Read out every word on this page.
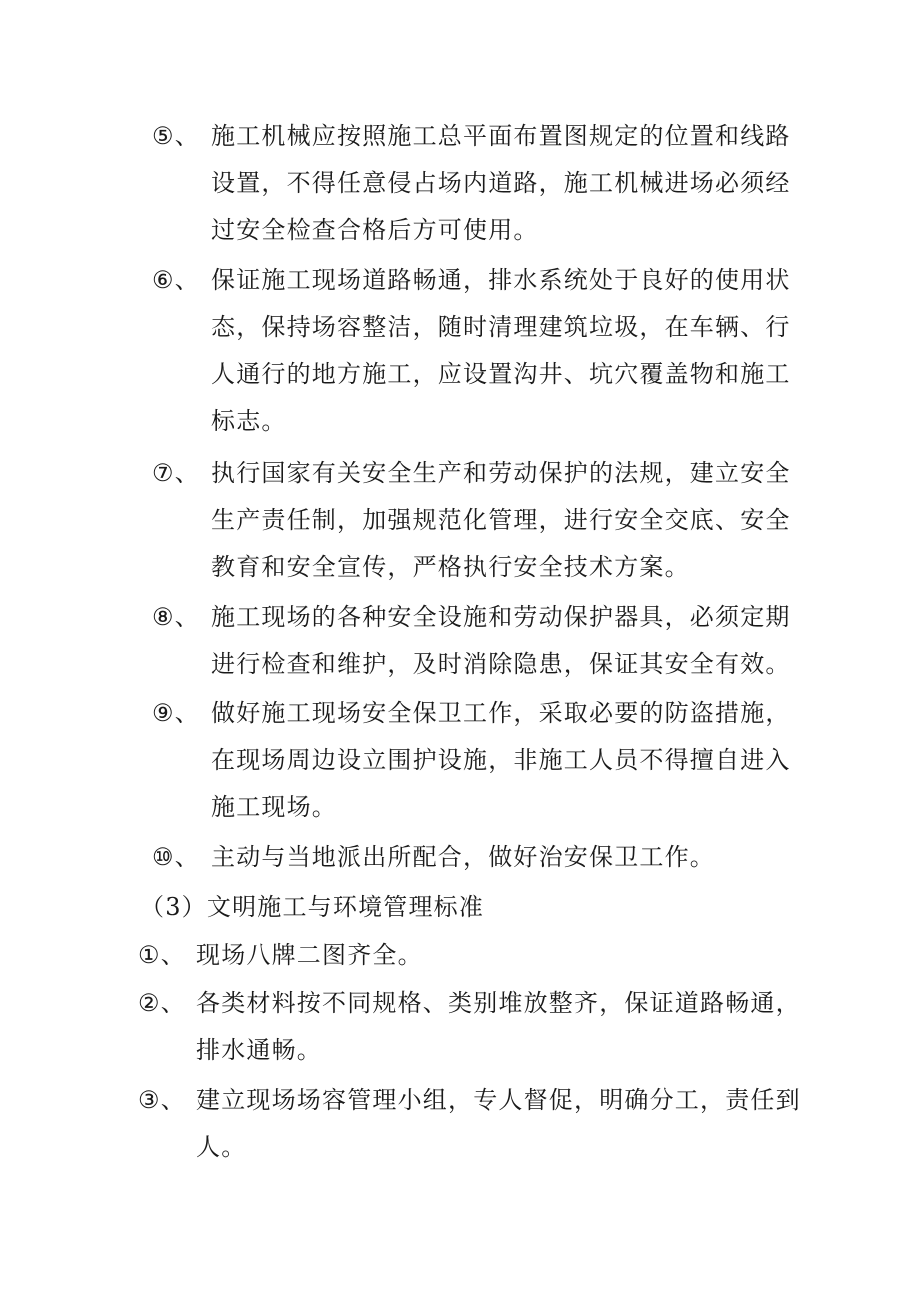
⑤、 施工机械应按照施工总平面布置图规定的位置和线路
设置，不得任意侵占场内道路，施工机械进场必须经
过安全检查合格后方可使用。
⑥、 保证施工现场道路畅通，排水系统处于良好的使用状
态，保持场容整洁，随时清理建筑垃圾，在车辆、行
人通行的地方施工，应设置沟井、坑穴覆盖物和施工
标志。
⑦、 执行国家有关安全生产和劳动保护的法规，建立安全
生产责任制，加强规范化管理，进行安全交底、安全
教育和安全宣传，严格执行安全技术方案。
⑧、 施工现场的各种安全设施和劳动保护器具，必须定期
进行检查和维护，及时消除隐患，保证其安全有效。
⑨、 做好施工现场安全保卫工作，采取必要的防盗措施，
在现场周边设立围护设施，非施工人员不得擅自进入
施工现场。
⑩、 主动与当地派出所配合，做好治安保卫工作。
（3）文明施工与环境管理标准
①、 现场八牌二图齐全。
②、 各类材料按不同规格、类别堆放整齐，保证道路畅通，
排水通畅。
③、 建立现场场容管理小组，专人督促，明确分工，责任到
人。
